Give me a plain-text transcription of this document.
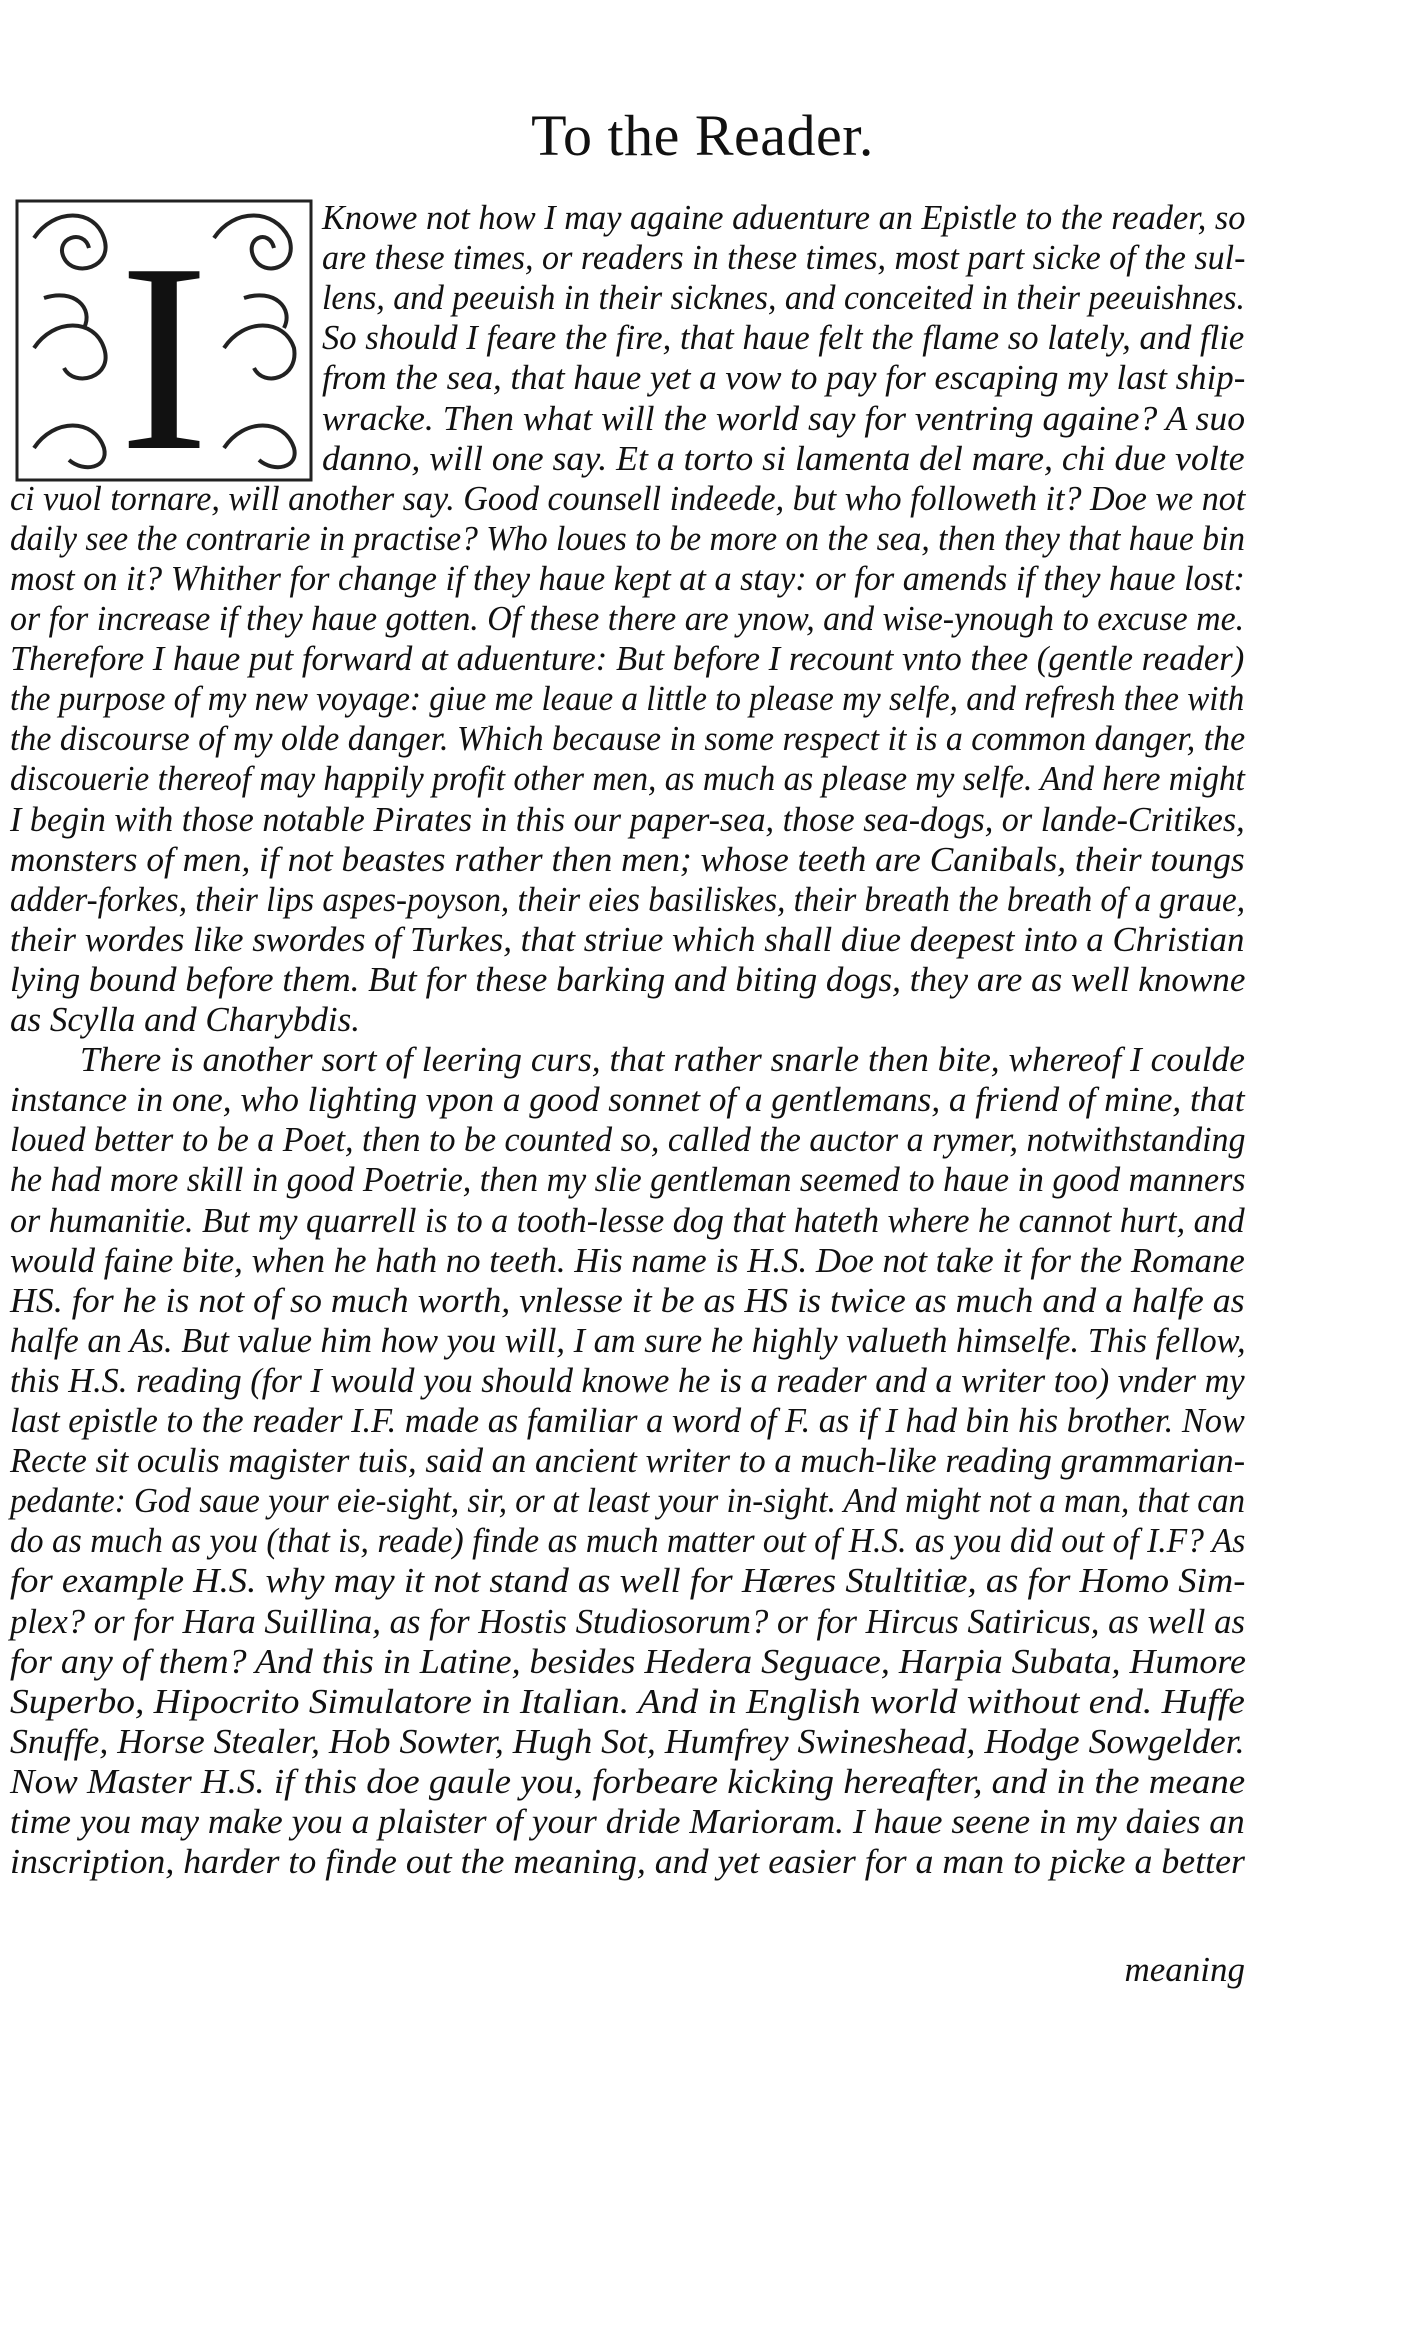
To the Reader.
I	Knowe not how I may againe aduenture an Epistle to the reader, so
are these times, or readers in these times, most part sicke of the sul-
lens, and peeuish in their sicknes, and conceited in their peeuishnes.
So should I feare the fire, that haue felt the flame so lately, and flie
from the sea, that haue yet a vow to pay for escaping my last ship-
wracke. Then what will the world say for ventring againe? A suo
danno, will one say. Et a torto si lamenta del mare, chi due volte
ci vuol tornare, will another say. Good counsell indeede, but who followeth it? Doe we not
daily see the contrarie in practise? Who loues to be more on the sea, then they that haue bin
most on it? Whither for change if they haue kept at a stay: or for amends if they haue lost:
or for increase if they haue gotten. Of these there are ynow, and wise-ynough to excuse me.
Therefore I haue put forward at aduenture: But before I recount vnto thee (gentle reader)
the purpose of my new voyage: giue me leaue a little to please my selfe, and refresh thee with
the discourse of my olde danger. Which because in some respect it is a common danger, the
discouerie thereof may happily profit other men, as much as please my selfe. And here might
I begin with those notable Pirates in this our paper-sea, those sea-dogs, or lande-Critikes,
monsters of men, if not beastes rather then men; whose teeth are Canibals, their toungs
adder-forkes, their lips aspes-poyson, their eies basiliskes, their breath the breath of a graue,
their wordes like swordes of Turkes, that striue which shall diue deepest into a Christian
lying bound before them. But for these barking and biting dogs, they are as well knowne
as Scylla and Charybdis.
There is another sort of leering curs, that rather snarle then bite, whereof I coulde
instance in one, who lighting vpon a good sonnet of a gentlemans, a friend of mine, that
loued better to be a Poet, then to be counted so, called the auctor a rymer, notwithstanding
he had more skill in good Poetrie, then my slie gentleman seemed to haue in good manners
or humanitie. But my quarrell is to a tooth-lesse dog that hateth where he cannot hurt, and
would faine bite, when he hath no teeth. His name is H.S. Doe not take it for the Romane
HS. for he is not of so much worth, vnlesse it be as HS is twice as much and a halfe as
halfe an As. But value him how you will, I am sure he highly valueth himselfe. This fellow,
this H.S. reading (for I would you should knowe he is a reader and a writer too) vnder my
last epistle to the reader I.F. made as familiar a word of F. as if I had bin his brother. Now
Recte sit oculis magister tuis, said an ancient writer to a much-like reading grammarian-
pedante: God saue your eie-sight, sir, or at least your in-sight. And might not a man, that can
do as much as you (that is, reade) finde as much matter out of H.S. as you did out of I.F? As
for example H.S. why may it not stand as well for Hæres Stultitiæ, as for Homo Sim-
plex? or for Hara Suillina, as for Hostis Studiosorum? or for Hircus Satiricus, as well as
for any of them? And this in Latine, besides Hedera Seguace, Harpia Subata, Humore
Superbo, Hipocrito Simulatore in Italian. And in English world without end. Huffe
Snuffe, Horse Stealer, Hob Sowter, Hugh Sot, Humfrey Swineshead, Hodge Sowgelder.
Now Master H.S. if this doe gaule you, forbeare kicking hereafter, and in the meane
time you may make you a plaister of your dride Marioram. I haue seene in my daies an
inscription, harder to finde out the meaning, and yet easier for a man to picke a better
meaning
